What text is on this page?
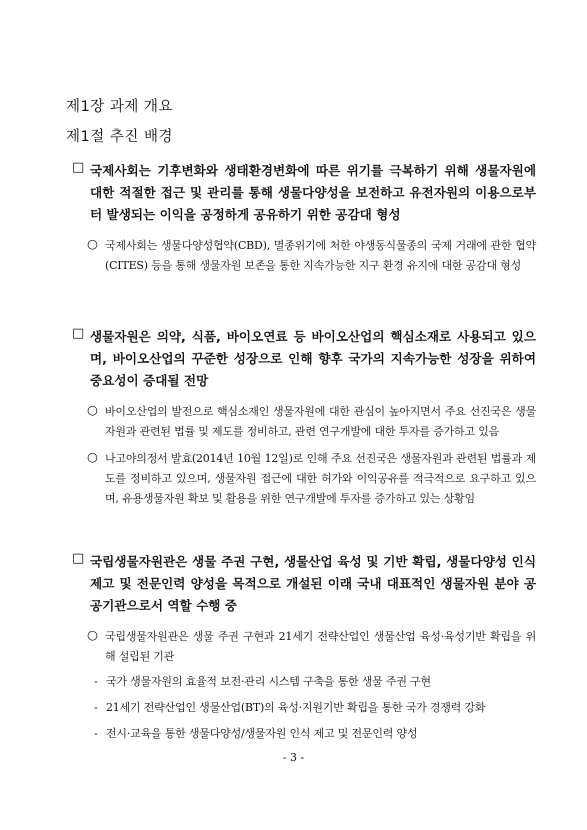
제1장 과제 개요
제1절 추진 배경
□ 국제사회는 기후변화와 생태환경변화에 따른 위기를 극복하기 위해 생물자원에 대한 적절한 접근 및 관리를 통해 생물다양성을 보전하고 유전자원의 이용으로부터 발생되는 이익을 공정하게 공유하기 위한 공감대 형성
○ 국제사회는 생물다양성협약(CBD), 멸종위기에 처한 야생동식물종의 국제 거래에 관한 협약(CITES) 등을 통해 생물자원 보존을 통한 지속가능한 지구 환경 유지에 대한 공감대 형성
□ 생물자원은 의약, 식품, 바이오연료 등 바이오산업의 핵심소재로 사용되고 있으며, 바이오산업의 꾸준한 성장으로 인해 향후 국가의 지속가능한 성장을 위하여 중요성이 증대될 전망
○ 바이오산업의 발전으로 핵심소재인 생물자원에 대한 관심이 높아지면서 주요 선진국은 생물자원과 관련된 법률 및 제도를 정비하고, 관련 연구개발에 대한 투자를 증가하고 있음
○ 나고야의정서 발효(2014년 10월 12일)로 인해 주요 선진국은 생물자원과 관련된 법률과 제도를 정비하고 있으며, 생물자원 접근에 대한 허가와 이익공유를 적극적으로 요구하고 있으며, 유용생물자원 확보 및 활용을 위한 연구개발에 투자를 증가하고 있는 상황임
□ 국립생물자원관은 생물 주권 구현, 생물산업 육성 및 기반 확립, 생물다양성 인식 제고 및 전문인력 양성을 목적으로 개설된 이래 국내 대표적인 생물자원 분야 공공기관으로서 역할 수행 중
○ 국립생물자원관은 생물 주권 구현과 21세기 전략산업인 생물산업 육성·육성기반 확립을 위해 설립된 기관
- 국가 생물자원의 효율적 보전·관리 시스템 구축을 통한 생물 주권 구현
- 21세기 전략산업인 생물산업(BT)의 육성·지원기반 확립을 통한 국가 경쟁력 강화
- 전시·교육을 통한 생물다양성/생물자원 인식 제고 및 전문인력 양성
- 3 -
